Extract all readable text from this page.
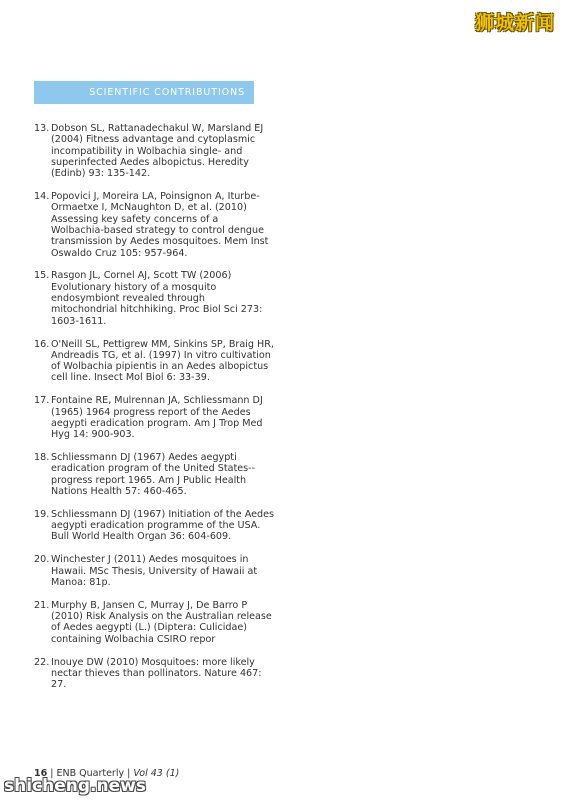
狮城新闻
SCIENTIFIC CONTRIBUTIONS
13. Dobson SL, Rattanadechakul W, Marsland EJ (2004) Fitness advantage and cytoplasmic incompatibility in Wolbachia single- and superinfected Aedes albopictus. Heredity (Edinb) 93: 135-142.
14. Popovici J, Moreira LA, Poinsignon A, Iturbe-Ormaetxe I, McNaughton D, et al. (2010) Assessing key safety concerns of a Wolbachia-based strategy to control dengue transmission by Aedes mosquitoes. Mem Inst Oswaldo Cruz 105: 957-964.
15. Rasgon JL, Cornel AJ, Scott TW (2006) Evolutionary history of a mosquito endosymbiont revealed through mitochondrial hitchhiking. Proc Biol Sci 273: 1603-1611.
16. O'Neill SL, Pettigrew MM, Sinkins SP, Braig HR, Andreadis TG, et al. (1997) In vitro cultivation of Wolbachia pipientis in an Aedes albopictus cell line. Insect Mol Biol 6: 33-39.
17. Fontaine RE, Mulrennan JA, Schliessmann DJ (1965) 1964 progress report of the Aedes aegypti eradication program. Am J Trop Med Hyg 14: 900-903.
18. Schliessmann DJ (1967) Aedes aegypti eradication program of the United States--progress report 1965. Am J Public Health Nations Health 57: 460-465.
19. Schliessmann DJ (1967) Initiation of the Aedes aegypti eradication programme of the USA. Bull World Health Organ 36: 604-609.
20. Winchester J (2011) Aedes mosquitoes in Hawaii. MSc Thesis, University of Hawaii at Manoa: 81p.
21. Murphy B, Jansen C, Murray J, De Barro P (2010) Risk Analysis on the Australian release of Aedes aegypti (L.) (Diptera: Culicidae) containing Wolbachia CSIRO repor
22. Inouye DW (2010) Mosquitoes: more likely nectar thieves than pollinators. Nature 467: 27.
16 | ENB Quarterly | Vol 43 (1)
shicheng.news
